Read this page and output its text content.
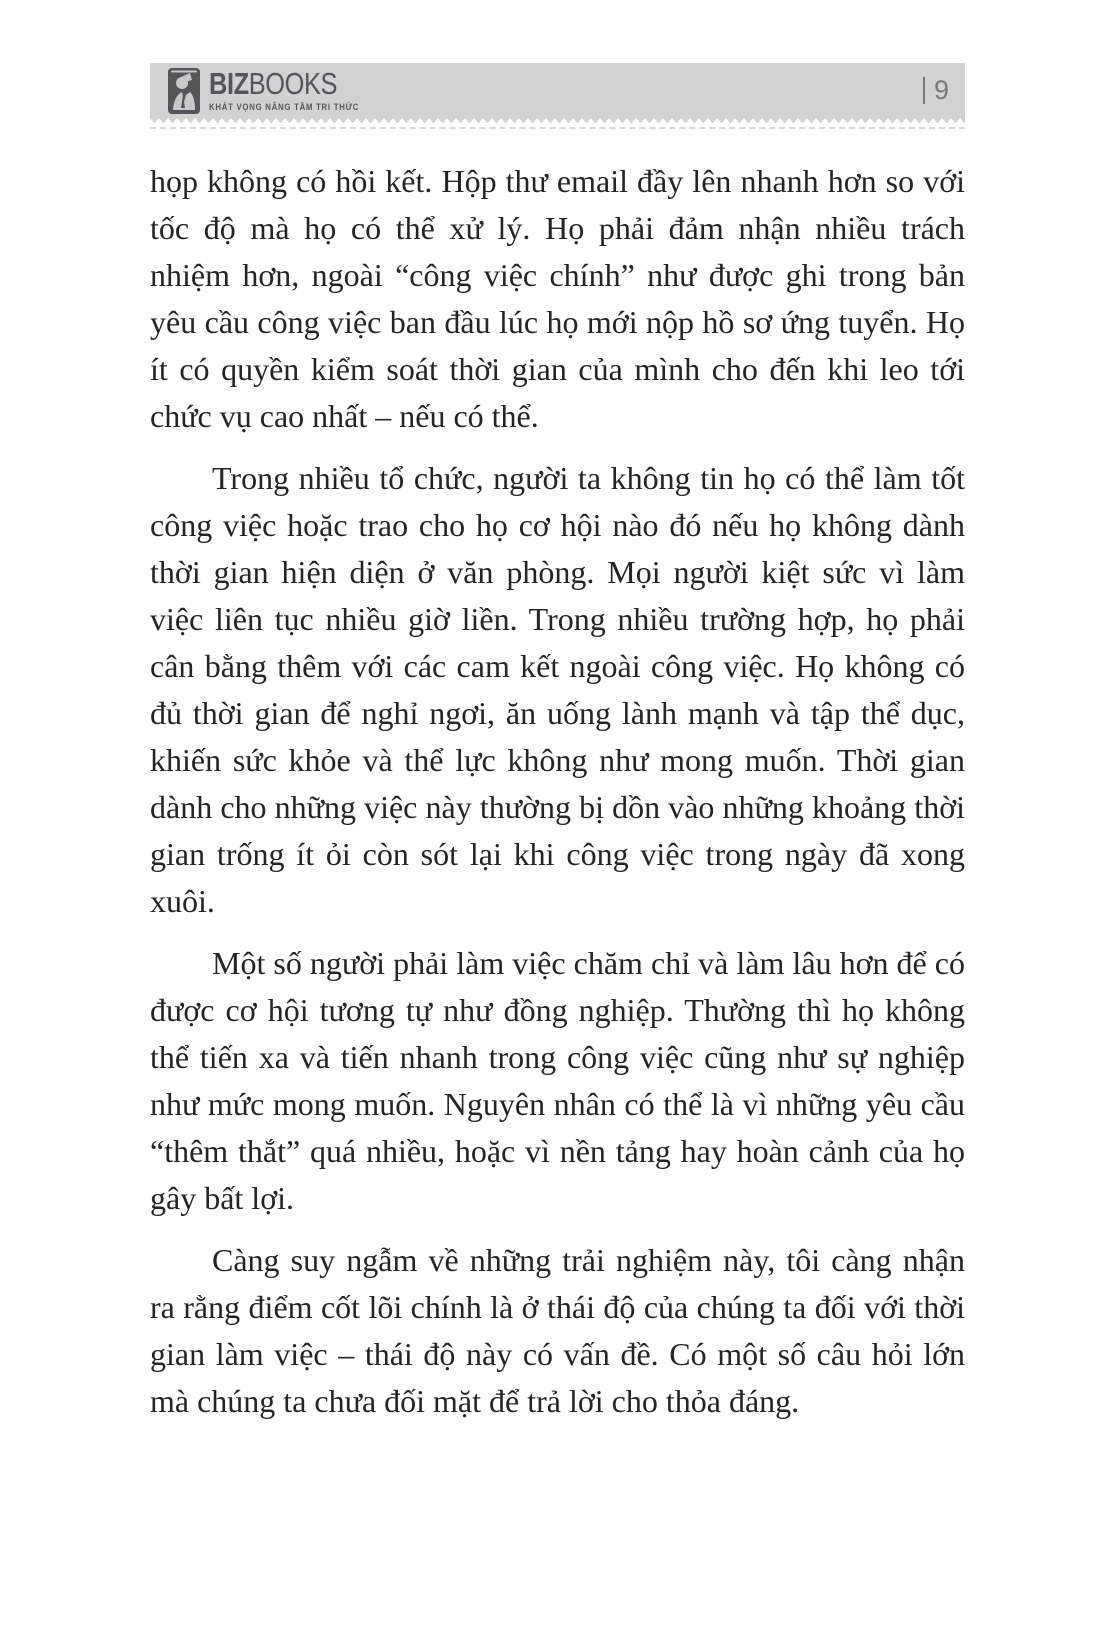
BIZBOOKS
KHÁT VỌNG NÂNG TẦM TRI THỨC
9

họp không có hồi kết. Hộp thư email đầy lên nhanh hơn so với tốc độ mà họ có thể xử lý. Họ phải đảm nhận nhiều trách nhiệm hơn, ngoài “công việc chính” như được ghi trong bản yêu cầu công việc ban đầu lúc họ mới nộp hồ sơ ứng tuyển. Họ ít có quyền kiểm soát thời gian của mình cho đến khi leo tới chức vụ cao nhất – nếu có thể.

Trong nhiều tổ chức, người ta không tin họ có thể làm tốt công việc hoặc trao cho họ cơ hội nào đó nếu họ không dành thời gian hiện diện ở văn phòng. Mọi người kiệt sức vì làm việc liên tục nhiều giờ liền. Trong nhiều trường hợp, họ phải cân bằng thêm với các cam kết ngoài công việc. Họ không có đủ thời gian để nghỉ ngơi, ăn uống lành mạnh và tập thể dục, khiến sức khỏe và thể lực không như mong muốn. Thời gian dành cho những việc này thường bị dồn vào những khoảng thời gian trống ít ỏi còn sót lại khi công việc trong ngày đã xong xuôi.

Một số người phải làm việc chăm chỉ và làm lâu hơn để có được cơ hội tương tự như đồng nghiệp. Thường thì họ không thể tiến xa và tiến nhanh trong công việc cũng như sự nghiệp như mức mong muốn. Nguyên nhân có thể là vì những yêu cầu “thêm thắt” quá nhiều, hoặc vì nền tảng hay hoàn cảnh của họ gây bất lợi.

Càng suy ngẫm về những trải nghiệm này, tôi càng nhận ra rằng điểm cốt lõi chính là ở thái độ của chúng ta đối với thời gian làm việc – thái độ này có vấn đề. Có một số câu hỏi lớn mà chúng ta chưa đối mặt để trả lời cho thỏa đáng.
